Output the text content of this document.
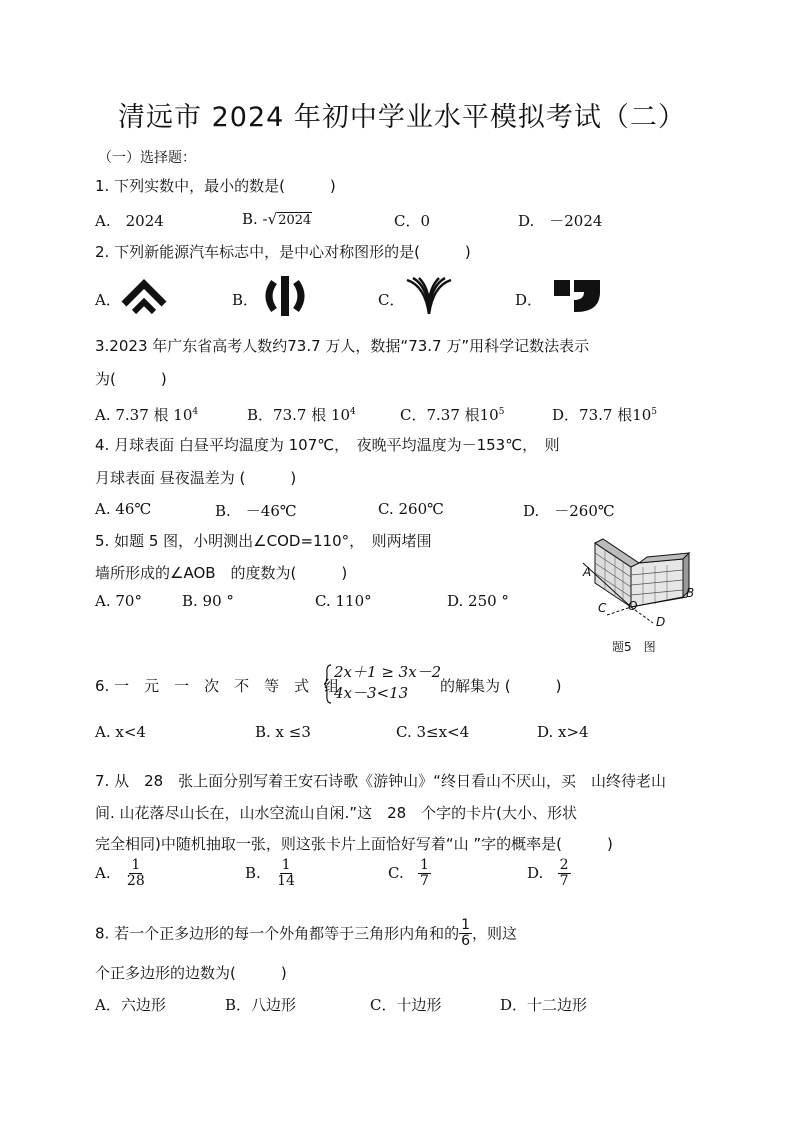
清远市 2024 年初中学业水平模拟考试（二）
（一）选择题：
1. 下列实数中，最小的数是(　　　)
A.　2024	B. -√2024	C．0	D.　－2024
2. 下列新能源汽车标志中，是中心对称图形的是(　　　)
A．	B．	C．	D．
3.2023 年广东省高考人数约73.7 万人，数据“73.7 万”用科学记数法表示
为(　　　)
A. 7.37 根 $10^4$	B．73.7 根 $10^4$	C．7.37 根$10^5$	D．73.7 根$10^5$
4. 月球表面 白昼平均温度为 107℃，　夜晚平均温度为－153℃，　则
月球表面 昼夜温差为 (　　　)
A. 46℃	B.　－46℃	C. 260℃	D.　－260℃
5. 如题 5 图，小明测出∠COD=110°，　则两堵围
墙所形成的∠AOB　的度数为(　　　)
A. 70°	B. 90 °	C. 110°	D. 250 °
A
B
C O
D
题5　图
6. 一　元　一　次　不　等　式　组
2x＋1 ≥ 3x－2
4x－3<13 的解集为 (　　　)
A. x<4	B. x ≤3	C. 3≤x<4	D. x>4
7. 从　28　张上面分别写着王安石诗歌《游钟山》“终日看山不厌山，买　山终待老山
间. 山花落尽山长在，山水空流山自闲.”这　28　个字的卡片(大小、形状
完全相同)中随机抽取一张，则这张卡片上面恰好写着“山 ”字的概率是(　　　)
A. $\frac{1}{28}$	B. $\frac{1}{14}$	C. $\frac{1}{7}$	D. $\frac{2}{7}$
8. 若一个正多边形的每一个外角都等于三角形内角和的 $\frac{1}{6}$ ，则这
个正多边形的边数为(　　　)
A．六边形	B．八边形	C．十边形	D．十二边形
